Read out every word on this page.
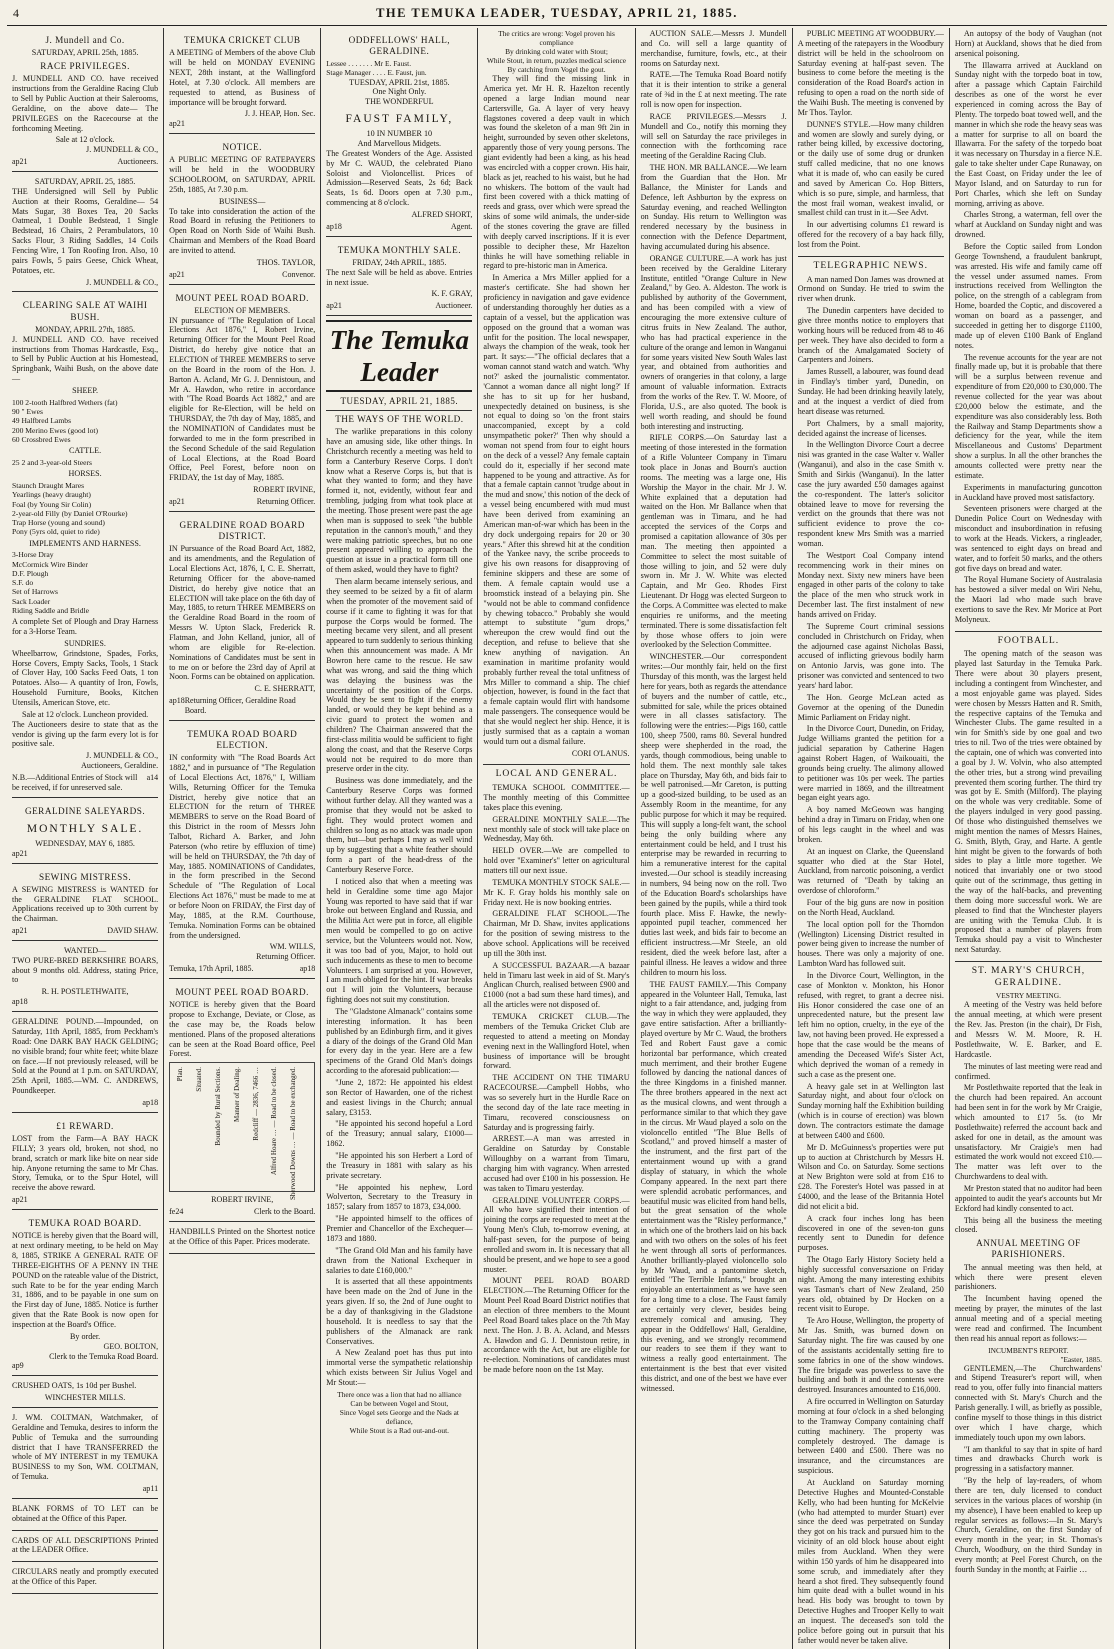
4	THE TEMUKA LEADER, TUESDAY, APRIL 21, 1885.
J. Mundell and Co.
SATURDAY, APRIL 25th, 1885.
RACE PRIVILEGES.

J. MUNDELL AND CO. have received instructions from the Geraldine Racing Club to Sell by Public Auction at their Salerooms, Geraldine, on the above date— The PRIVILEGES on the Racecourse at the forthcoming Meeting.

Sale at 12 o'clock.
J. MUNDELL & CO.,
ap21	Auctioneers.
SATURDAY, APRIL 25, 1885.

THE Undersigned will Sell by Public Auction at their Rooms, Geraldine— 54 Mats Sugar, 38 Boxes Tea, 20 Sacks Oatmeal, 1 Double Bedstead, 1 Single Bedstead, 16 Chairs, 2 Perambulators, 10 Sacks Flour, 3 Riding Saddles, 14 Coils Fencing Wire, 1 Ton Roofing Iron. Also, 10 pairs Fowls, 5 pairs Geese, Chick Wheat, Potatoes, etc.

J. MUNDELL & CO.,
CLEARING SALE AT WAIHI BUSH.
MONDAY, APRIL 27th, 1885.

J. MUNDELL AND CO. have received instructions from Thomas Hardcastle, Esq., to Sell by Public Auction at his Homestead, Springbank, Waihi Bush, on the above date—

SHEEP.
100 2-tooth Halfbred Wethers (fat)
90 " Ewes
49 Halfbred Lambs
200 Merino Ewes (good lot)
60 Crossbred Ewes
CATTLE.
25 2 and 3-year-old Steers
HORSES.
Staunch Draught Mares
Yearlings (heavy draught)
Foal (by Young Sir Colin)
2-year-old Filly (by Daniel O'Rourke)
Trap Horse (young and sound)
Pony (5yrs old, quiet to ride)
IMPLEMENTS AND HARNESS.
3-Horse Dray
McCormick Wire Binder
D.F. Plough
S.F. do
Set of Harrows
Sack Loader
Riding Saddle and Bridle

A complete Set of Plough and Dray Harness for a 3-Horse Team.

SUNDRIES.

Wheelbarrow, Grindstone, Spades, Forks, Horse Covers, Empty Sacks, Tools, 1 Stack of Clover Hay, 100 Sacks Feed Oats, 1 ton Potatoes. Also— A quantity of Iron, Fowls, Household Furniture, Books, Kitchen Utensils, American Stove, etc.

Sale at 12 o'clock. Luncheon provided.

The Auctioneers desire to state that as the vendor is giving up the farm every lot is for positive sale.

J. MUNDELL & CO.,
Auctioneers, Geraldine.
N.B.—Additional Entries of Stock will be received, if for unreserved sale.
a14
GERALDINE SALEYARDS.
MONTHLY SALE.
WEDNESDAY, MAY 6, 1885.
ap21
SEWING MISTRESS.

A SEWING MISTRESS is WANTED for the GERALDINE FLAT SCHOOL. Applications received up to 30th current by the Chairman.

ap21	DAVID SHAW.
WANTED—

TWO PURE-BRED BERKSHIRE BOARS, about 9 months old. Address, stating Price, to

R. H. POSTLETHWAITE,
ap18

GERALDINE POUND.—Impounded, on Saturday, 11th April, 1885, from Peckham's Road: One DARK BAY HACK GELDING; no visible brand; four white feet; white blaze on face.—If not previously released, will be Sold at the Pound at 1 p.m. on SATURDAY, 25th April, 1885.—WM. C. ANDREWS, Poundkeeper.

ap18
£1 REWARD.

LOST from the Farm—A BAY HACK FILLY; 3 years old, broken, not shod, no brand, scratch or mark like bite on near side hip. Anyone returning the same to Mr Chas. Story, Temuka, or to the Spur Hotel, will receive the above reward.

ap21
TEMUKA ROAD BOARD.

NOTICE is hereby given that the Board will, at next ordinary meeting, to be held on May 8, 1885, STRIKE A GENERAL RATE OF THREE-EIGHTHS OF A PENNY IN THE POUND on the rateable value of the District, such Rate to be for the year ending March 31, 1886, and to be payable in one sum on the First day of June, 1885. Notice is further given that the Rate Book is now open for inspection at the Board's Office.

By order.
GEO. BOLTON,
Clerk to the Temuka Road Board.
ap9

CRUSHED OATS, 1s 10d per Bushel.

WINCHESTER MILLS.

J. WM. COLTMAN, Watchmaker, of Geraldine and Temuka, desires to inform the Public of Temuka and the surrounding district that I have TRANSFERRED the whole of MY INTEREST in my TEMUKA BUSINESS to my Son, WM. COLTMAN, of Temuka.

ap11

BLANK FORMS of TO LET can be obtained at the Office of this Paper.

CARDS OF ALL DESCRIPTIONS Printed at the LEADER Office.

CIRCULARS neatly and promptly executed at the Office of this Paper.

TEMUKA CRICKET CLUB

A MEETING of Members of the above Club will be held on MONDAY EVENING NEXT, 28th instant, at the Wallingford Hotel, at 7.30 o'clock. All members are requested to attend, as Business of importance will be brought forward.

J. J. HEAP, Hon. Sec.
ap21
NOTICE.

A PUBLIC MEETING OF RATEPAYERS will be held in the WOODBURY SCHOOLROOM, on SATURDAY, APRIL 25th, 1885, At 7.30 p.m.

BUSINESS—

To take into consideration the action of the Road Board in refusing the Petitioners to Open Road on North Side of Waihi Bush. Chairman and Members of the Road Board are invited to attend.

THOS. TAYLOR,
ap21	Convenor.
MOUNT PEEL ROAD BOARD.
ELECTION OF MEMBERS.

IN pursuance of "The Regulation of Local Elections Act 1876," I, Robert Irvine, Returning Officer for the Mount Peel Road District, do hereby give notice that an ELECTION of THREE MEMBERS to serve on the Board in the room of the Hon. J. Barton A. Acland, Mr G. J. Dennistoun, and Mr A. Hawdon, who retire in accordance with "The Road Boards Act 1882," and are eligible for Re-Election, will be held on THURSDAY, the 7th day of May, 1885, and the NOMINATION of Candidates must be forwarded to me in the form prescribed in the Second Schedule of the said Regulation of Local Elections, at the Road Board Office, Peel Forest, before noon on FRIDAY, the 1st day of May, 1885.

ROBERT IRVINE,
ap21	Returning Officer.
GERALDINE ROAD BOARD DISTRICT.

IN Pursuance of the Road Board Act, 1882, and its amendments, and the Regulation of Local Elections Act, 1876, I, C. E. Sherratt, Returning Officer for the above-named District, do hereby give notice that an ELECTION will take place on the 6th day of May, 1885, to return THREE MEMBERS on the Geraldine Road Board in the room of Messrs W. Upton Slack, Frederick R. Flatman, and John Kelland, junior, all of whom are eligible for Re-election. Nominations of Candidates must be sent in to me on or before the 23rd day of April at Noon. Forms can be obtained on application.

C. E. SHERRATT,
ap18 Returning Officer, Geraldine Road Board.
TEMUKA ROAD BOARD ELECTION.

IN conformity with "The Road Boards Act 1882," and in pursuance of "The Regulation of Local Elections Act, 1876," I, William Wills, Returning Officer for the Temuka District, hereby give notice that an ELECTION for the return of THREE MEMBERS to serve on the Road Board of this District in the room of Messrs John Talbot, Richard A. Barker, and John Paterson (who retire by effluxion of time) will be held on THURSDAY, the 7th day of May, 1885. NOMINATIONS of Candidates, in the form prescribed in the Second Schedule of "The Regulation of Local Elections Act 1876," must be made to me at or before Noon on FRIDAY, the First day of May, 1885, at the R.M. Courthouse, Temuka. Nomination Forms can be obtained from the undersigned.

WM. WILLS,
Returning Officer.
Temuka, 17th April, 1885.	ap18
MOUNT PEEL ROAD BOARD.

NOTICE is hereby given that the Board propose to Exchange, Deviate, or Close, as the case may be, the Roads below mentioned. Plans of the proposed alterations can be seen at the Road Board office, Peel Forest.

Plan. Situated. Bounded by Rural Sections. Manner of Dealing. Redcliff — 2836, 7466 … Alfred Hoare … — Road to be closed. Sherwood Downs … — Road to be exchanged.
ROBERT IRVINE,
fe24	Clerk to the Board.

HANDBILLS Printed on the Shortest notice at the Office of this Paper. Prices moderate.

ODDFELLOWS' HALL, GERALDINE.
Lessee . . . . . . . Mr E. Faust.
Stage Manager . . . . E. Faust, jun.
TUESDAY, APRIL 21st, 1885.
One Night Only.
THE WONDERFUL
FAUST FAMILY,
10 IN NUMBER 10
And Marvellous Midgets.

The Greatest Wonders of the Age. Assisted by Mr C. WAUD, the celebrated Piano Soloist and Violoncellist. Prices of Admission—Reserved Seats, 2s 6d; Back Seats, 1s 6d. Doors open at 7.30 p.m., commencing at 8 o'clock.

ALFRED SHORT,
ap18	Agent.
TEMUKA MONTHLY SALE.
FRIDAY, 24th APRIL, 1885.

The next Sale will be held as above. Entries in next issue.

K. F. GRAY,
ap21	Auctioneer.
The Temuka Leader
TUESDAY, APRIL 21, 1885.
THE WAYS OF THE WORLD.

The warlike preparations in this colony have an amusing side, like other things. In Christchurch recently a meeting was held to form a Canterbury Reserve Corps. I don't know what a Reserve Corps is, but that is what they wanted to form; and they have formed it, not, evidently, without fear and trembling, judging from what took place at the meeting. Those present were past the age when man is supposed to seek "the bubble reputation in the cannon's mouth," and they were making patriotic speeches, but no one present appeared willing to approach the question at issue in a practical form till one of them asked, would they have to fight?

Then alarm became intensely serious, and they seemed to be seized by a fit of alarm when the promoter of the movement said of course if it came to fighting it was for that purpose the Corps would be formed. The meeting became very silent, and all present appeared to turn suddenly to serious thinking when this announcement was made. A Mr Bowron here came to the rescue. He saw what was wrong, and said the thing which was delaying the business was the uncertainty of the position of the Corps. Would they be sent to fight if the enemy landed, or would they be kept behind as a civic guard to protect the women and children? The Chairman answered that the first-class militia would be sufficient to fight along the coast, and that the Reserve Corps would not be required to do more than preserve order in the city.

Business was done immediately, and the Canterbury Reserve Corps was formed without further delay. All they wanted was a promise that they would not be asked to fight. They would protect women and children so long as no attack was made upon them, but—but perhaps I may as well wind up by suggesting that a white feather should form a part of the head-dress of the Canterbury Reserve Force.

I noticed also that when a meeting was held in Geraldine some time ago Major Young was reported to have said that if war broke out between England and Russia, and the Militia Act were put in force, all eligible men would be compelled to go on active service, but the Volunteers would not. Now, it was too bad of you, Major, to hold out such inducements as these to men to become Volunteers. I am surprised at you. However, I am much obliged for the hint. If war breaks out I will join the Volunteers, because fighting does not suit my constitution.

The "Gladstone Almanack" contains some interesting information. It has been published by an Edinburgh firm, and it gives a diary of the doings of the Grand Old Man for every day in the year. Here are a few specimens of the Grand Old Man's doings according to the aforesaid publication:—

"June 2, 1872: He appointed his eldest son Rector of Hawarden, one of the richest and easiest livings in the Church; annual salary, £3153.

"He appointed his second hopeful a Lord of the Treasury; annual salary, £1000—1862.

"He appointed his son Herbert a Lord of the Treasury in 1881 with salary as his private secretary.

"He appointed his nephew, Lord Wolverton, Secretary to the Treasury in 1857; salary from 1857 to 1873, £34,000.

"He appointed himself to the offices of Premier and Chancellor of the Exchequer—1873 and 1880.

"The Grand Old Man and his family have drawn from the National Exchequer in salaries to date £160,000."

It is asserted that all these appointments have been made on the 2nd of June in the years given. If so, the 2nd of June ought to be a day of thanksgiving in the Gladstone household. It is needless to say that the publishers of the Almanack are rank Conservatives.

A New Zealand poet has thus put into immortal verse the sympathetic relationship which exists between Sir Julius Vogel and Mr Stout:—

There once was a lion that had no alliance
Can be between Vogel and Stout,
Since Vogel sets George and the Nads at defiance,
While Stout is a Rad out-and-out.
The critics are wrong: Vogel proven his compliance
By drinking cold water with Stout;
While Stout, in return, puzzles medical science
By catching from Vogel the gout.

They will find the missing link in America yet. Mr H. R. Hazelton recently opened a large Indian mound near Cartersville, Ga. A layer of very heavy flagstones covered a deep vault in which was found the skeleton of a man 9ft 2in in height, surrounded by seven other skeletons, apparently those of very young persons. The giant evidently had been a king, as his head was encircled with a copper crown. His hair, black as jet, reached to his waist, but he had no whiskers. The bottom of the vault had first been covered with a thick matting of reeds and grass, over which were spread the skins of some wild animals, the under-side of the stones covering the grave are filled with deeply carved inscriptions. If it is ever possible to decipher these, Mr Hazelton thinks he will have something reliable in regard to pre-historic man in America.

In America a Mrs Miller applied for a master's certificate. She had shown her proficiency in navigation and gave evidence of understanding thoroughly her duties as a captain of a vessel, but the application was opposed on the ground that a woman was unfit for the position. The local newspaper, always the champion of the weak, took her part. It says:—"The official declares that a woman cannot stand watch and watch. 'Why not?' asked the journalistic commentator. 'Cannot a woman dance all night long?' If she has to sit up for her husband, unexpectedly detained on business, is she not equal to doing so 'on the front stairs unaccompanied, except by a cold unsympathetic poker?' Then why should a woman not spend from four to eight hours on the deck of a vessel? Any female captain could do it, especially if her second mate happened to be young and attractive. As for that a female captain cannot 'trudge about in the mud and snow,' this notion of the deck of a vessel being encumbered with mud must have been derived from examining an American man-of-war which has been in the dry dock undergoing repairs for 20 or 30 years." After this shrewd hit at the condition of the Yankee navy, the scribe proceeds to give his own reasons for disapproving of feminine skippers and these are some of them. A female captain would use a broomstick instead of a belaying pin. She "would not be able to command confidence by chewing tobacco." Probably she would attempt to substitute "gum drops," whereupon the crew would find out the deception, and refuse to believe that she knew anything of navigation. An examination in maritime profanity would probably further reveal the total unfitness of Mrs Miller to command a ship. The chief objection, however, is found in the fact that a female captain would flirt with handsome male passengers. The consequence would be that she would neglect her ship. Hence, it is justly surmised that as a captain a woman would turn out a dismal failure.

CORI O'LANUS.
LOCAL AND GENERAL.

TEMUKA SCHOOL COMMITTEE.—The monthly meeting of this Committee takes place this evening.

GERALDINE MONTHLY SALE.—The next monthly sale of stock will take place on Wednesday, May 6th.

HELD OVER.—We are compelled to hold over "Examiner's" letter on agricultural matters till our next issue.

TEMUKA MONTHLY STOCK SALE.—Mr K. F. Gray holds his monthly sale on Friday next. He is now booking entries.

GERALDINE FLAT SCHOOL.—The Chairman, Mr D. Shaw, invites applications for the position of sewing mistress to the above school. Applications will be received up till the 30th inst.

A SUCCESSFUL BAZAAR.—A bazaar held in Timaru last week in aid of St. Mary's Anglican Church, realised between £900 and £1000 (not a bad sum these hard times), and all the articles were not disposed of.

TEMUKA CRICKET CLUB.—The members of the Temuka Cricket Club are requested to attend a meeting on Monday evening next in the Wallingford Hotel, when business of importance will be brought forward.

THE ACCIDENT ON THE TIMARU RACECOURSE.—Campbell Hobbs, who was so severely hurt in the Hurdle Race on the second day of the late race meeting in Timaru, recovered consciousness on Saturday and is progressing fairly.

ARREST.—A man was arrested in Geraldine on Saturday by Constable Willoughby on a warrant from Timaru, charging him with vagrancy. When arrested accused had over £100 in his possession. He was taken to Timaru yesterday.

GERALDINE VOLUNTEER CORPS.—All who have signified their intention of joining the corps are requested to meet at the Young Men's Club, to-morrow evening, at half-past seven, for the purpose of being enrolled and sworn in. It is necessary that all should be present, and we hope to see a good muster.

MOUNT PEEL ROAD BOARD ELECTION.—The Returning Officer for the Mount Peel Road Board District notifies that an election of three members to the Mount Peel Road Board takes place on the 7th May next. The Hon. J. B. A. Acland, and Messrs A. Hawdon and G. J. Dennistoun retire, in accordance with the Act, but are eligible for re-election. Nominations of candidates must be made before noon on the 1st May.

AUCTION SALE.—Messrs J. Mundell and Co. will sell a large quantity of merchandise, furniture, fowls, etc., at their rooms on Saturday next.

RATE.—The Temuka Road Board notify that it is their intention to strike a general rate of ⅜d in the £ at next meeting. The rate roll is now open for inspection.

RACE PRIVILEGES.—Messrs J. Mundell and Co., notify this morning they will sell on Saturday the race privileges in connection with the forthcoming race meeting of the Geraldine Racing Club.

THE HON. MR BALLANCE.—We learn from the Guardian that the Hon. Mr Ballance, the Minister for Lands and Defence, left Ashburton by the express on Saturday evening, and reached Wellington on Sunday. His return to Wellington was rendered necessary by the business in connection with the Defence Department, having accumulated during his absence.

ORANGE CULTURE.—A work has just been received by the Geraldine Literary Institute, entitled "Orange Culture in New Zealand," by Geo. A. Aldeston. The work is published by authority of the Government, and has been compiled with a view of encouraging the more extensive culture of citrus fruits in New Zealand. The author, who has had practical experience in the culture of the orange and lemon in Wanganui for some years visited New South Wales last year, and obtained from authorities and owners of orangeries in that colony, a large amount of valuable information. Extracts from the works of the Rev. T. W. Moore, of Florida, U.S., are also quoted. The book is well worth reading, and should be found both interesting and instructing.

RIFLE CORPS.—On Saturday last a meeting of those interested in the formation of a Rifle Volunteer Company in Timaru took place in Jonas and Bourn's auction rooms. The meeting was a large one, His Worship the Mayor in the chair. Mr J. W. White explained that a deputation had waited on the Hon. Mr Ballance when that gentleman was in Timaru, and he had accepted the services of the Corps and promised a capitation allowance of 30s per man. The meeting then appointed a Committee to select the most suitable of those willing to join, and 52 were duly sworn in. Mr J. W. White was elected Captain, and Mr Geo. Rhodes First Lieutenant. Dr Hogg was elected Surgeon to the Corps. A Committee was elected to make enquiries re uniforms, and the meeting terminated. There is some dissatisfaction felt by those whose offers to join were overlooked by the Selection Committee.

WINCHESTER.—Our correspondent writes:—Our monthly fair, held on the first Thursday of this month, was the largest held here for years, both as regards the attendance of buyers and the number of cattle, etc., submitted for sale, while the prices obtained were in all classes satisfactory. The following were the entries:—Pigs 160, cattle 100, sheep 7500, rams 80. Several hundred sheep were shepherded in the road, the yards, though commodious, being unable to hold them. The next monthly sale takes place on Thursday, May 6th, and bids fair to be well patronised.—Mr Careton, is putting up a good-sized building, to be used as an Assembly Room in the meantime, for any public purpose for which it may be required. This will supply a long-felt want, the school being the only building where any entertainment could be held, and I trust his enterprise may be rewarded in recurring to him a remunerative interest for the capital invested.—Our school is steadily increasing in numbers, 94 being now on the roll. Two of the Education Board's scholarships have been gained by the pupils, while a third took fourth place. Miss F. Hawke, the newly-appointed pupil teacher, commenced her duties last week, and bids fair to become an efficient instructress.—Mr Steele, an old resident, died the week before last, after a painful illness. He leaves a widow and three children to mourn his loss.

THE FAUST FAMILY.—This Company appeared in the Volunteer Hall, Temuka, last night to a fair attendance, and, judging from the way in which they were applauded, they gave entire satisfaction. After a brilliantly-played overture by Mr C. Waud, the brothers Ted and Robert Faust gave a comic horizontal bar performance, which created much merriment, and their brother Eugene followed by dancing the national dances of the three Kingdoms in a finished manner. The three brothers appeared in the next act as the musical clowns, and went through a performance similar to that which they gave in the circus. Mr Waud played a solo on the violoncello entitled "The Blue Bells of Scotland," and proved himself a master of the instrument, and the first part of the entertainment wound up with a grand display of statuary, in which the whole Company appeared. In the next part there were splendid acrobatic performances, and beautiful music was elicited from hand bells, but the great sensation of the whole entertainment was the "Risley performance," in which one of the brothers laid on his back and with two others on the soles of his feet he went through all sorts of performances. Another brilliantly-played violoncello solo by Mr Waud, and a pantomime sketch, entitled "The Terrible Infants," brought an enjoyable an entertainment as we have seen for a long time to a close. The Faust family are certainly very clever, besides being extremely comical and amusing. They appear in the Oddfellows' Hall, Geraldine, this evening, and we strongly recommend our readers to see them if they want to witness a really good entertainment. The entertainment is the best that ever visited this district, and one of the best we have ever witnessed.

PUBLIC MEETING AT WOODBURY.—A meeting of the ratepayers in the Woodbury district will be held in the schoolroom on Saturday evening at half-past seven. The business to come before the meeting is the consideration of the Road Board's action in refusing to open a road on the north side of the Waihi Bush. The meeting is convened by Mr Thos. Taylor.

DUNNE'S STYLE.—How many children and women are slowly and surely dying, or rather being killed, by excessive doctoring, or the daily use of some drug or drunken stuff called medicine, that no one knows what it is made of, who can easily be cured and saved by American Co. Hop Bitters, which is so pure, simple, and harmless, that the most frail woman, weakest invalid, or smallest child can trust in it.—See Advt.

In our advertising columns £1 reward is offered for the recovery of a bay hack filly, lost from the Point.

TELEGRAPHIC NEWS.

A man named Don James was drowned at Ormond on Sunday. He tried to swim the river when drunk.

The Dunedin carpenters have decided to give three months notice to employers that working hours will be reduced from 48 to 46 per week. They have also decided to form a branch of the Amalgamated Society of Carpenters and Joiners.

James Russell, a labourer, was found dead in Findlay's timber yard, Dunedin, on Sunday. He had been drinking heavily lately, and at the inquest a verdict of died from heart disease was returned.

Port Chalmers, by a small majority, decided against the increase of licenses.

In the Wellington Divorce Court a decree nisi was granted in the case Walter v. Waller (Wanganui), and also in the case Smith v. Smith and Sirkis (Wanganui). In the latter case the jury awarded £50 damages against the co-respondent. The latter's solicitor obtained leave to move for reversing the verdict on the grounds that there was not sufficient evidence to prove the co-respondent knew Mrs Smith was a married woman.

The Westport Coal Company intend recommencing work in their mines on Monday next. Sixty new miners have been engaged in other parts of the colony to take the place of the men who struck work in December last. The first instalment of new hands arrived on Friday.

The Supreme Court criminal sessions concluded in Christchurch on Friday, when the adjourned case against Nicholas Bassi, accused of inflicting grievous bodily harm on Antonio Jarvis, was gone into. The prisoner was convicted and sentenced to two years' hard labor.

The Hon. George McLean acted as Governor at the opening of the Dunedin Mimic Parliament on Friday night.

In the Divorce Court, Dunedin, on Friday, Judge Williams granted the petition for a judicial separation by Catherine Hagen against Robert Hagen, of Waikouaiti, the grounds being cruelty. The alimony allowed to petitioner was 10s per week. The parties were married in 1869, and the illtreatment began eight years ago.

A boy named McGeown was hanging behind a dray in Timaru on Friday, when one of his legs caught in the wheel and was broken.

At an inquest on Clarke, the Queensland squatter who died at the Star Hotel, Auckland, from narcotic poisoning, a verdict was returned of "Death by taking an overdose of chloroform."

Four of the big guns are now in position on the North Head, Auckland.

The local option poll for the Thorndon (Wellington) Licensing District resulted in power being given to increase the number of houses. There was only a majority of one. Lambton Ward has followed suit.

In the Divorce Court, Wellington, in the case of Monkton v. Monkton, his Honor refused, with regret, to grant a decree nisi. His Honor considered the case one of an unprecedented nature, but the present law left him no option, cruelty, in the eye of the law, not having been proved. He expressed a hope that the case would be the means of amending the Deceased Wife's Sister Act, which deprived the woman of a remedy in such a case as the present one.

A heavy gale set in at Wellington last Saturday night, and about four o'clock on Sunday morning half the Exhibition building (which is in course of erection) was blown down. The contractors estimate the damage at between £400 and £600.

Mr D. McGuinness's properties were put up to auction at Christchurch by Messrs H. Wilson and Co. on Saturday. Some sections at New Brighton were sold at from £16 to £28. The Forester's Hotel was passed in at £4000, and the lease of the Britannia Hotel did not elicit a bid.

A crack four inches long has been discovered in one of the seven-ton guns recently sent to Dunedin for defence purposes.

The Otago Early History Society held a highly successful conversazione on Friday night. Among the many interesting exhibits was Tasman's chart of New Zealand, 250 years old, obtained by Dr Hocken on a recent visit to Europe.

Te Aro House, Wellington, the property of Mr Jas. Smith, was burned down on Saturday night. The fire was caused by one of the assistants accidentally setting fire to some fabrics in one of the show windows. The fire brigade was powerless to save the building and both it and the contents were destroyed. Insurances amounted to £16,000.

A fire occurred in Wellington on Saturday morning at four o'clock in a shed belonging to the Tramway Company containing chaff cutting machinery. The property was completely destroyed. The damage is between £400 and £500. There was no insurance, and the circumstances are suspicious.

At Auckland on Saturday morning Detective Hughes and Mounted-Constable Kelly, who had been hunting for McKelvie (who had attempted to murder Stuart) ever since the deed was perpetrated on Sunday they got on his track and pursued him to the vicinity of an old block house about eight miles from Auckland. When they were within 150 yards of him he disappeared into some scrub, and immediately after they heard a shot fired. They subsequently found him quite dead with a bullet wound in his head. His body was brought to town by Detective Hughes and Trooper Kelly to wait an inquest. The deceased's son told the police before going out in pursuit that his father would never be taken alive.

An autopsy of the body of Vaughan (not Horn) at Auckland, shows that he died from arsenical poisoning.

The Illawarra arrived at Auckland on Sunday night with the torpedo boat in tow, after a passage which Captain Fairchild describes as one of the worst he ever experienced in coming across the Bay of Plenty. The torpedo boat towed well, and the manner in which she rode the heavy seas was a matter for surprise to all on board the Illawarra. For the safety of the torpedo boat it was necessary on Thursday in a fierce N.E. gale to take shelter under Cape Runaway, on the East Coast, on Friday under the lee of Mayor Island, and on Saturday to run for Port Charles, which she left on Sunday morning, arriving as above.

Charles Strong, a waterman, fell over the wharf at Auckland on Sunday night and was drowned.

Before the Coptic sailed from London George Townshend, a fraudulent bankrupt, was arrested. His wife and family came off the vessel under assumed names. From instructions received from Wellington the police, on the strength of a cablegram from Home, boarded the Coptic, and discovered a woman on board as a passenger, and succeeded in getting her to disgorge £1100, made up of eleven £100 Bank of England notes.

The revenue accounts for the year are not finally made up, but it is probable that there will be a surplus between revenue and expenditure of from £20,000 to £30,000. The revenue collected for the year was about £20,000 below the estimate, and the expenditure was also considerably less. Both the Railway and Stamp Departments show a deficiency for the year, while the item Miscellaneous and Customs' Department show a surplus. In all the other branches the amounts collected were pretty near the estimate.

Experiments in manufacturing guncotton in Auckland have proved most satisfactory.

Seventeen prisoners were charged at the Dunedin Police Court on Wednesday with misconduct and insubordination in refusing to work at the Heads. Vickers, a ringleader, was sentenced to eight days on bread and water, and to forfeit 50 marks, and the others got five days on bread and water.

The Royal Humane Society of Australasia has bestowed a silver medal on Wiri Nehu, the Maori lad who made such brave exertions to save the Rev. Mr Morice at Port Molyneux.

FOOTBALL.

The opening match of the season was played last Saturday in the Temuka Park. There were about 30 players present, including a contingent from Winchester, and a most enjoyable game was played. Sides were chosen by Messrs Hatten and R. Smith, the respective captains of the Temuka and Winchester Clubs. The game resulted in a win for Smith's side by one goal and two tries to nil. Two of the tries were obtained by the captain, one of which was converted into a goal by J. W. Volvin, who also attempted the other tries, but a strong wind prevailing prevented them scoring further. The third try was got by E. Smith (Milford). The playing on the whole was very creditable. Some of the players indulged in very good passing. Of those who distinguished themselves we might mention the names of Messrs Haines, G. Smith, Blyth, Gray, and Harte. A gentle hint might be given to the forwards of both sides to play a little more together. We noticed that invariably one or two stood quite out of the scrimmage, thus getting in the way of the half-backs, and preventing them doing more successful work. We are pleased to find that the Winchester players are uniting with the Temuka Club. It is proposed that a number of players from Temuka should pay a visit to Winchester next Saturday.

ST. MARY'S CHURCH, GERALDINE.
VESTRY MEETING.

A meeting of the Vestry was held before the annual meeting, at which were present the Rev. Jas. Preston (in the chair), Dr Fish, and Messrs W. M. Moore, R. H. Postlethwaite, W. E. Barker, and E. Hardcastle.

The minutes of last meeting were read and confirmed.

Mr Postlethwaite reported that the leak in the church had been repaired. An account had been sent in for the work by Mr Craigie, which amounted to £17 5s. (to Mr Postlethwaite) referred the account back and asked for one in detail, as the amount was unsatisfactory. Mr Craigie's men had estimated the work would not exceed £10.—The matter was left over to the Churchwardens to deal with.

Mr Preston stated that no auditor had been appointed to audit the year's accounts but Mr Eckford had kindly consented to act.

This being all the business the meeting closed.

ANNUAL MEETING OF PARISHIONERS.

The annual meeting was then held, at which there were present eleven parishioners.

The Incumbent having opened the meeting by prayer, the minutes of the last annual meeting and of a special meeting were read and confirmed. The Incumbent then read his annual report as follows:—

INCUMBENT'S REPORT.
"Easter, 1885.

GENTLEMEN,—The Churchwardens' and Stipend Treasurer's report will, when read to you, offer fully into financial matters connected with St. Mary's Church and the Parish generally. I will, as briefly as possible, confine myself to those things in this district over which I have charge, which immediately touch upon my own labors.

"I am thankful to say that in spite of hard times and drawbacks Church work is progressing in a satisfactory manner.

"By the help of lay-readers, of whom there are ten, duly licensed to conduct services in the various places of worship (in my absence), I have been enabled to keep up regular services as follows:—In St. Mary's Church, Geraldine, on the first Sunday of every month in the year; in St. Thomas's Church, Woodbury, on the third Sunday in every month; at Peel Forest Church, on the fourth Sunday in the month; at Fairlie …
